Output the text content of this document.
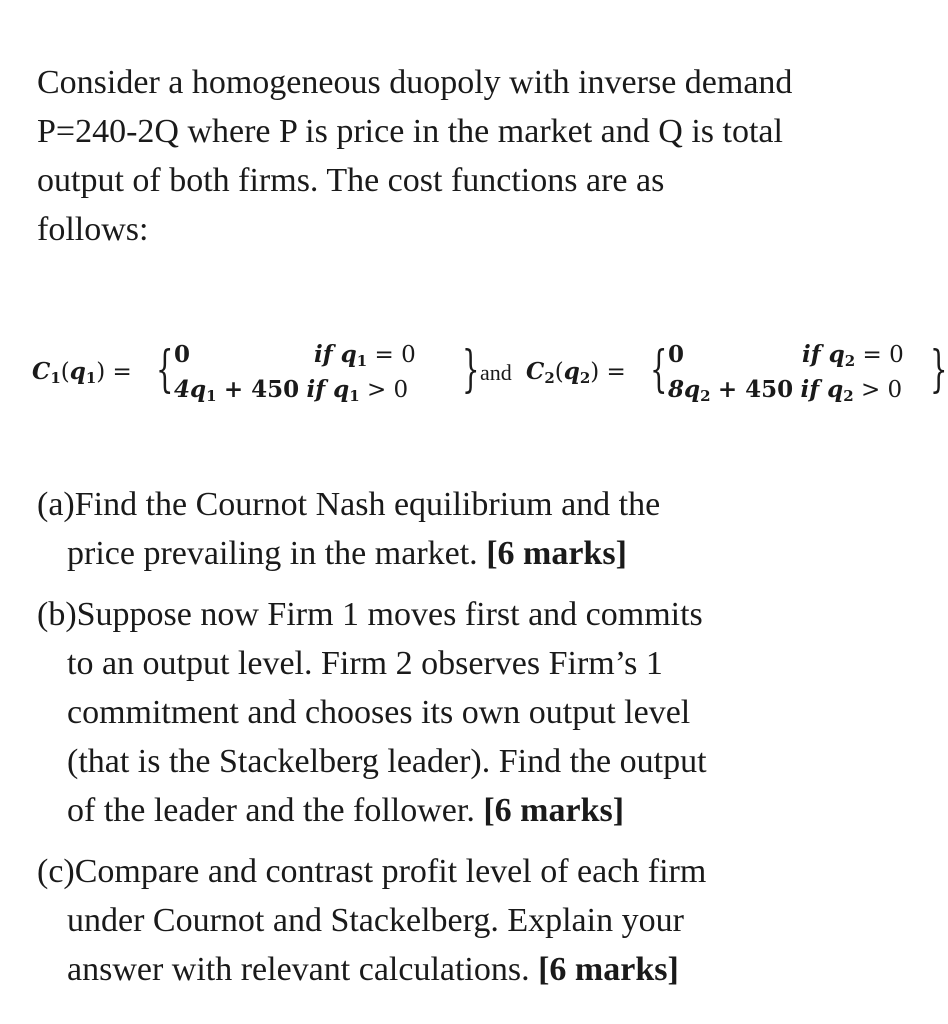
Consider a homogeneous duopoly with inverse demand
P=240-2Q where P is price in the market and Q is total
output of both firms. The cost functions are as
follows:
$C_1(q_1)$ = { 0	if $q_1 = 0$
$4q_1 + 450$ if $q_1 > 0$ } and $C_2(q_2)$ = { 0	if $q_2 = 0$
$8q_2 + 450$ if $q_2 > 0$ }
(a)Find the Cournot Nash equilibrium and the
price prevailing in the market. [6 marks]
(b)Suppose now Firm 1 moves first and commits
to an output level. Firm 2 observes Firm’s 1
commitment and chooses its own output level
(that is the Stackelberg leader). Find the output
of the leader and the follower. [6 marks]
(c)Compare and contrast profit level of each firm
under Cournot and Stackelberg. Explain your
answer with relevant calculations. [6 marks]
